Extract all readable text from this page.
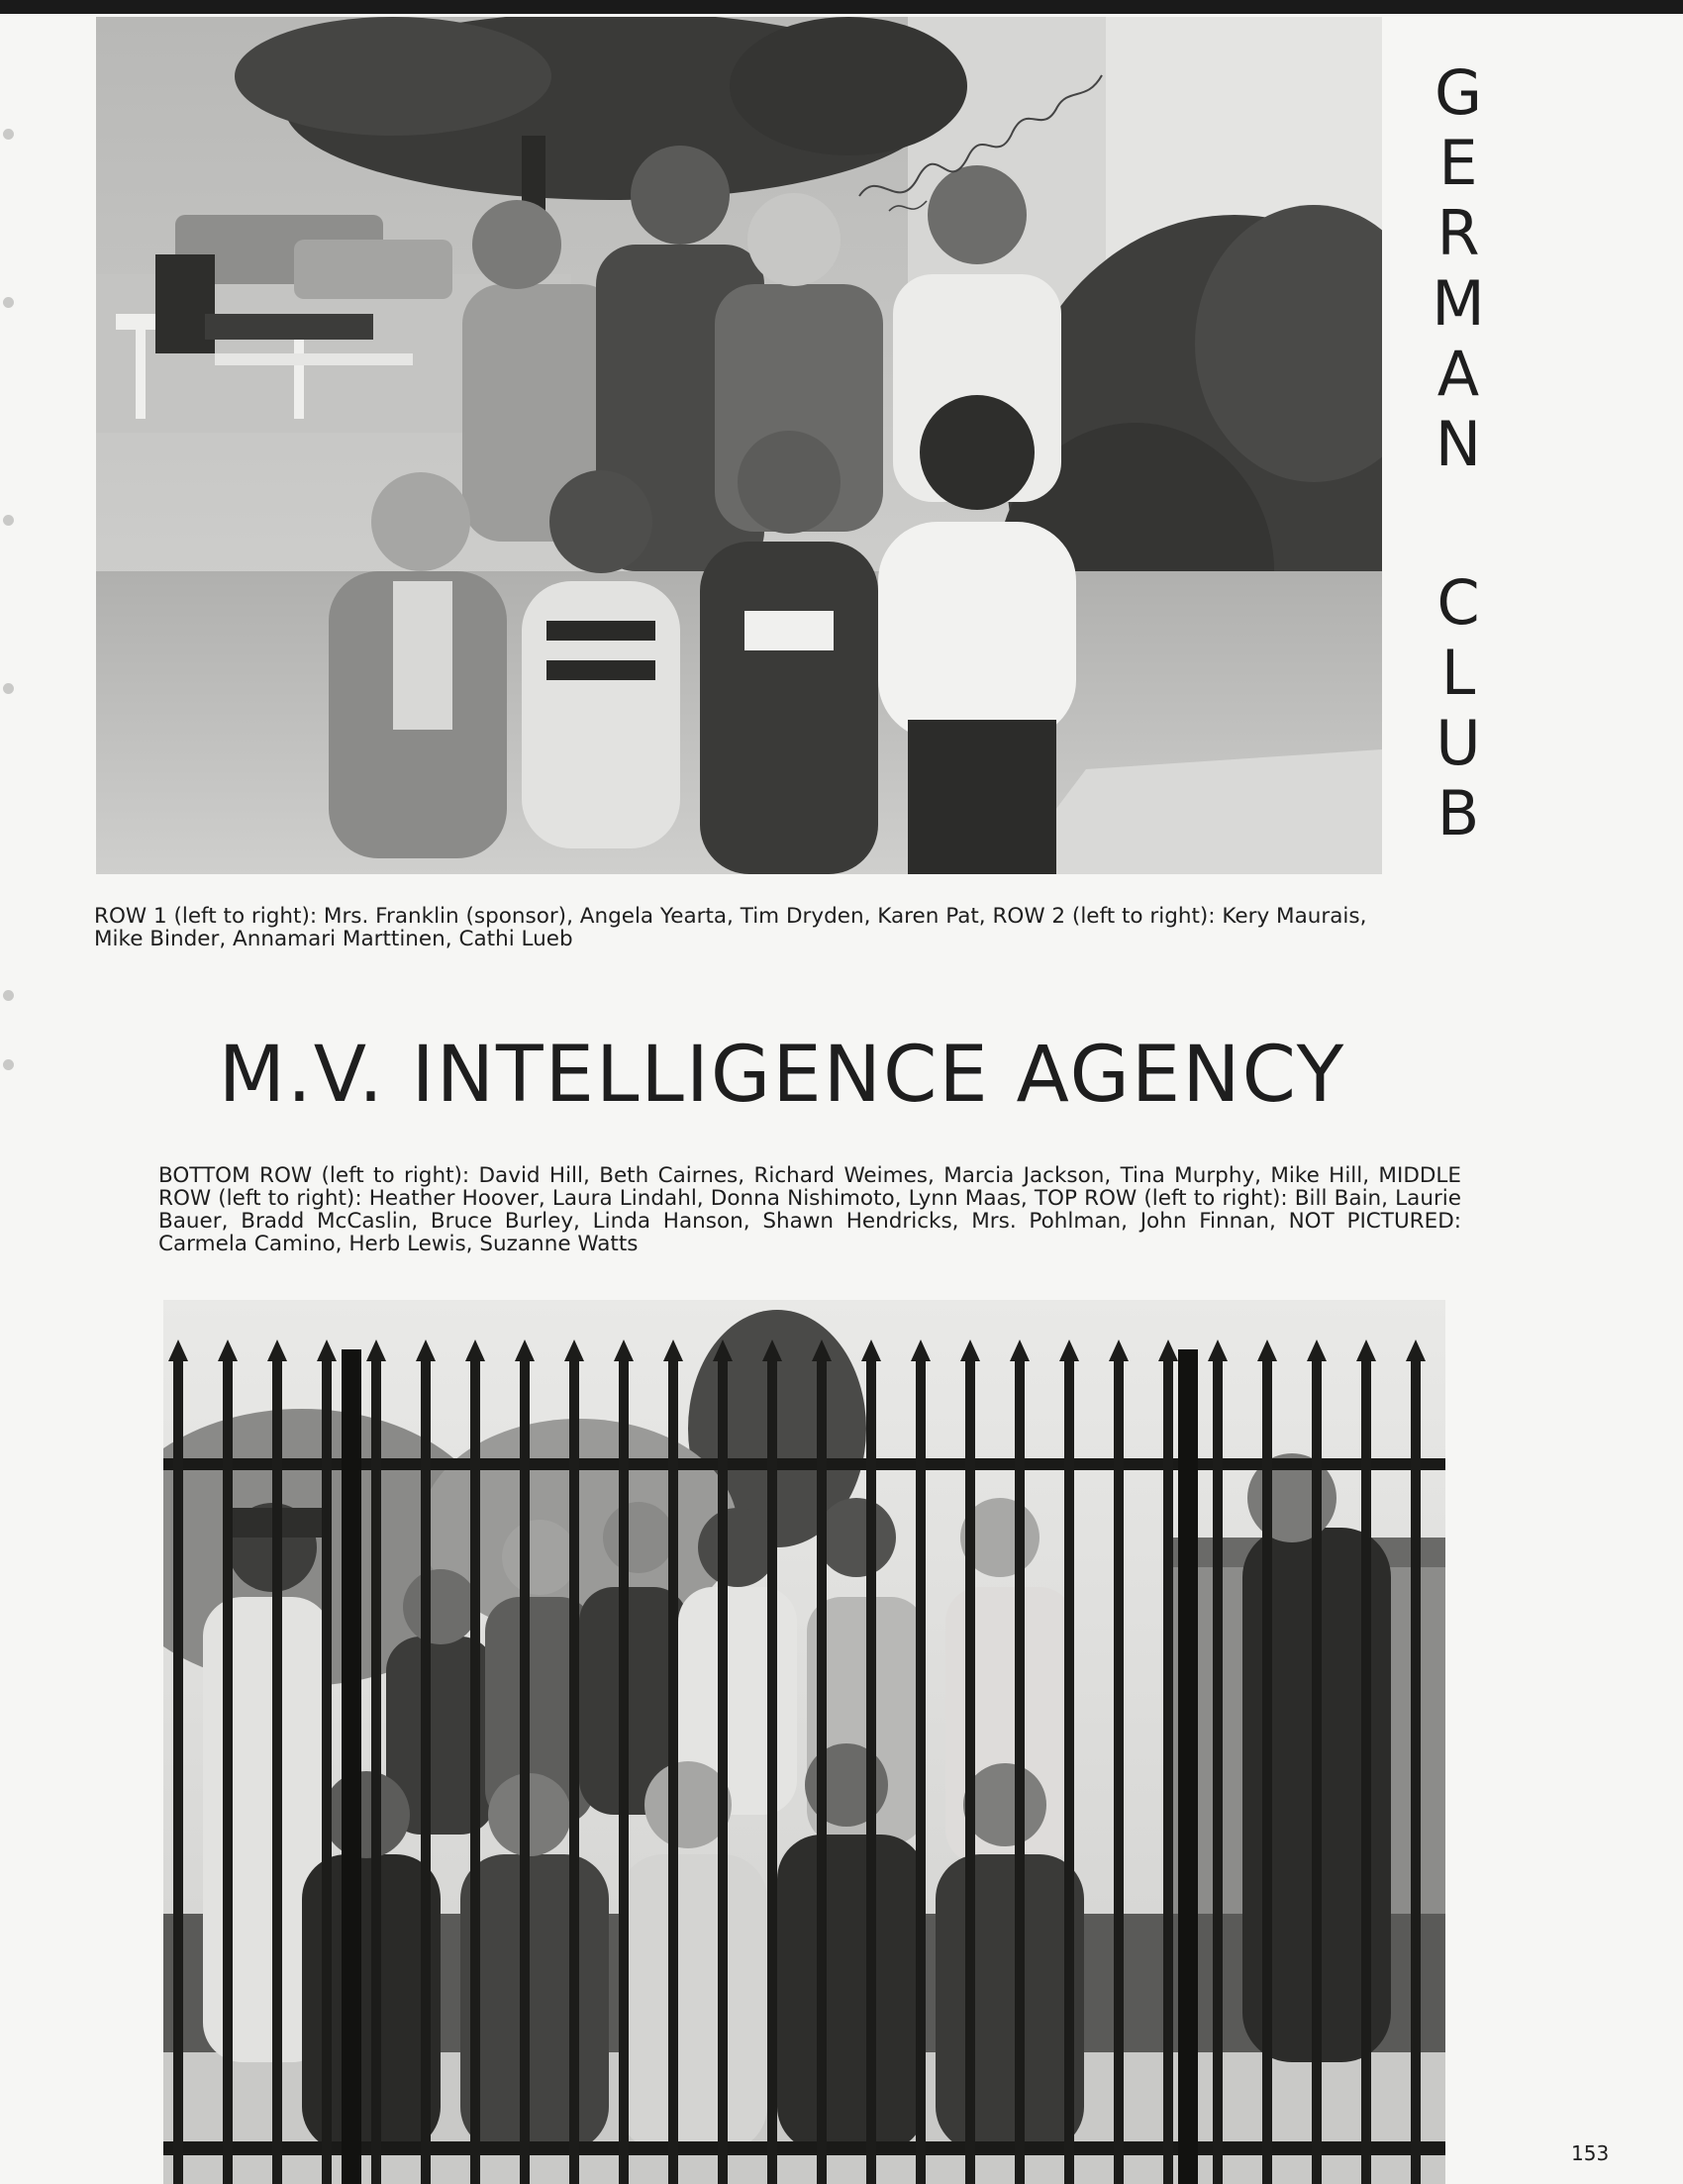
G
E
R
M
A
N
C
L
U
B
ROW 1 (left to right): Mrs. Franklin (sponsor), Angela Yearta, Tim Dryden, Karen Pat, ROW 2 (left to right): Kery Maurais, Mike Binder, Annamari Marttinen, Cathi Lueb
M.V. INTELLIGENCE AGENCY
BOTTOM ROW (left to right): David Hill, Beth Cairnes, Richard Weimes, Marcia Jackson, Tina Murphy, Mike Hill, MIDDLE ROW (left to right): Heather Hoover, Laura Lindahl, Donna Nishimoto, Lynn Maas, TOP ROW (left to right): Bill Bain, Laurie Bauer, Bradd McCaslin, Bruce Burley, Linda Hanson, Shawn Hendricks, Mrs. Pohlman, John Finnan, NOT PICTURED: Carmela Camino, Herb Lewis, Suzanne Watts
153
